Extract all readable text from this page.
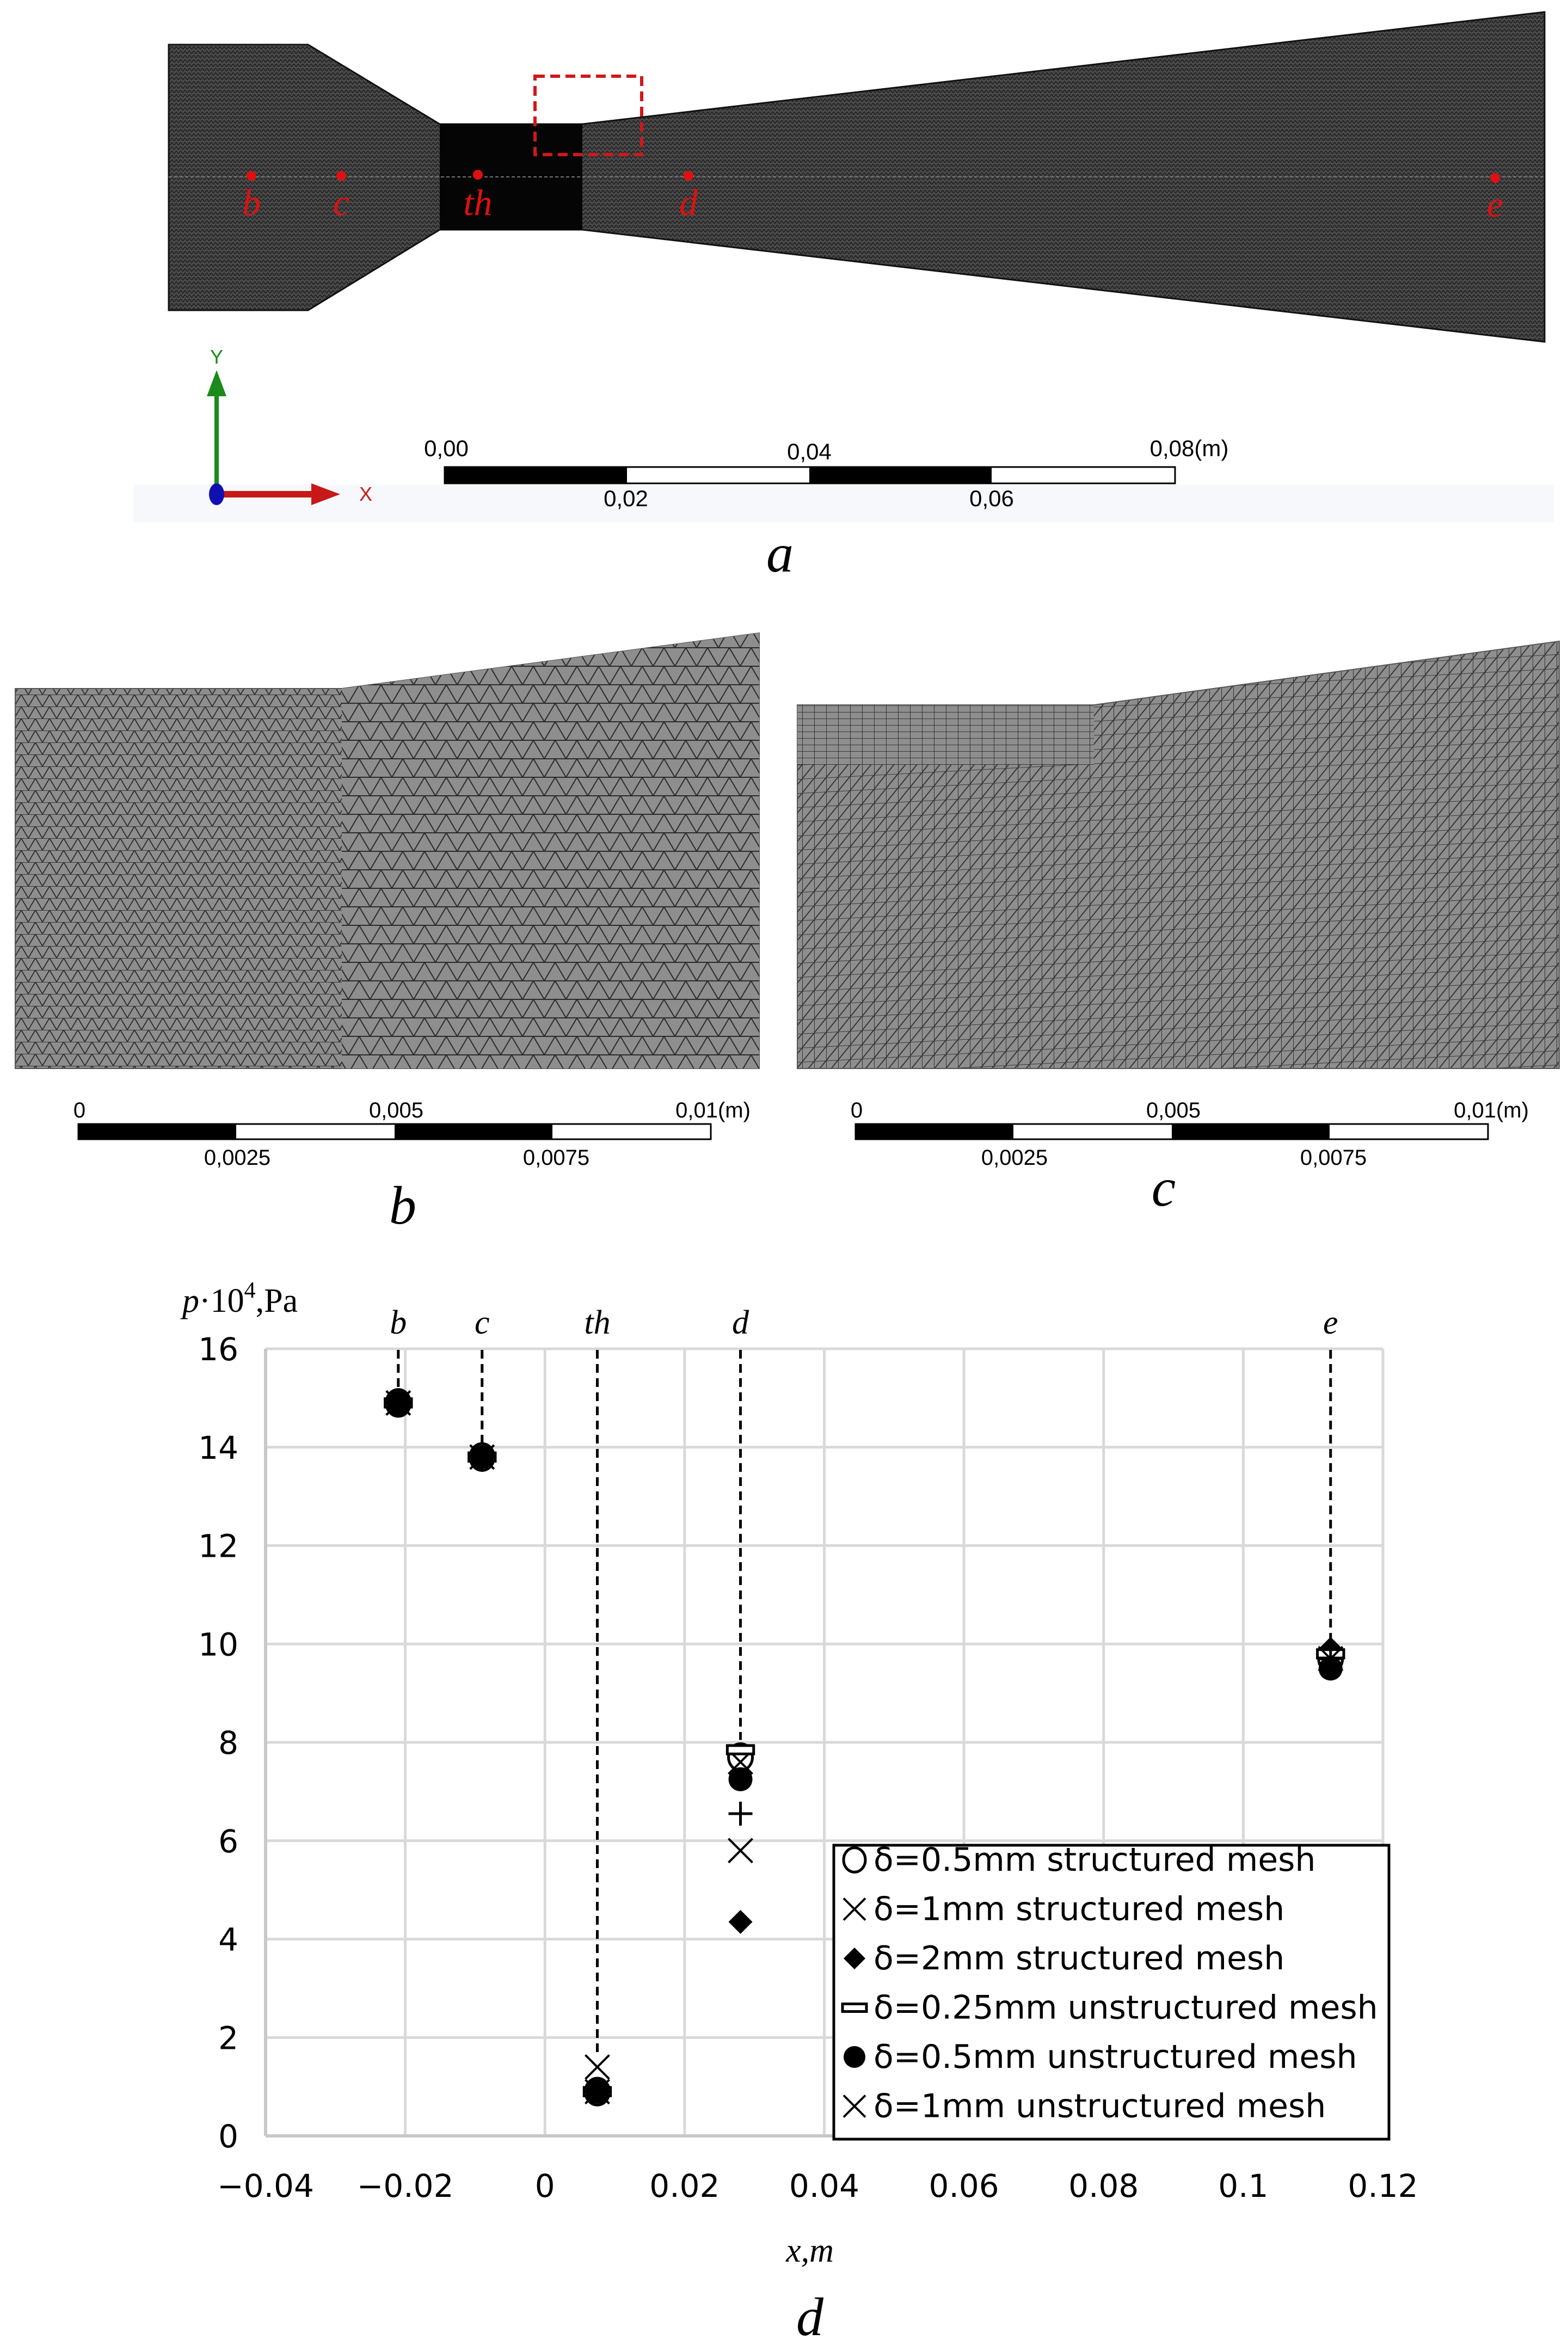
b c	th	d	e
Y
X
0,00	0,04	0,08(m)
0,02	0,06
a
0	0,005	0,01(m)
0,0025	0,0075
b
0	0,005	0,01(m)
0,0025	0,0075
c
0
2
4
6
8
10
12
14
16
−0.04 −0.02	0	0.02 0.04 0.06 0.08	0.1	0.12
b c	th	d	e
$p\cdot 10^4,Pa$
x,m
d
δ=0.5mm structured mesh
δ=1mm structured mesh
δ=2mm structured mesh
δ=0.25mm unstructured mesh
δ=0.5mm unstructured mesh
δ=1mm unstructured mesh
